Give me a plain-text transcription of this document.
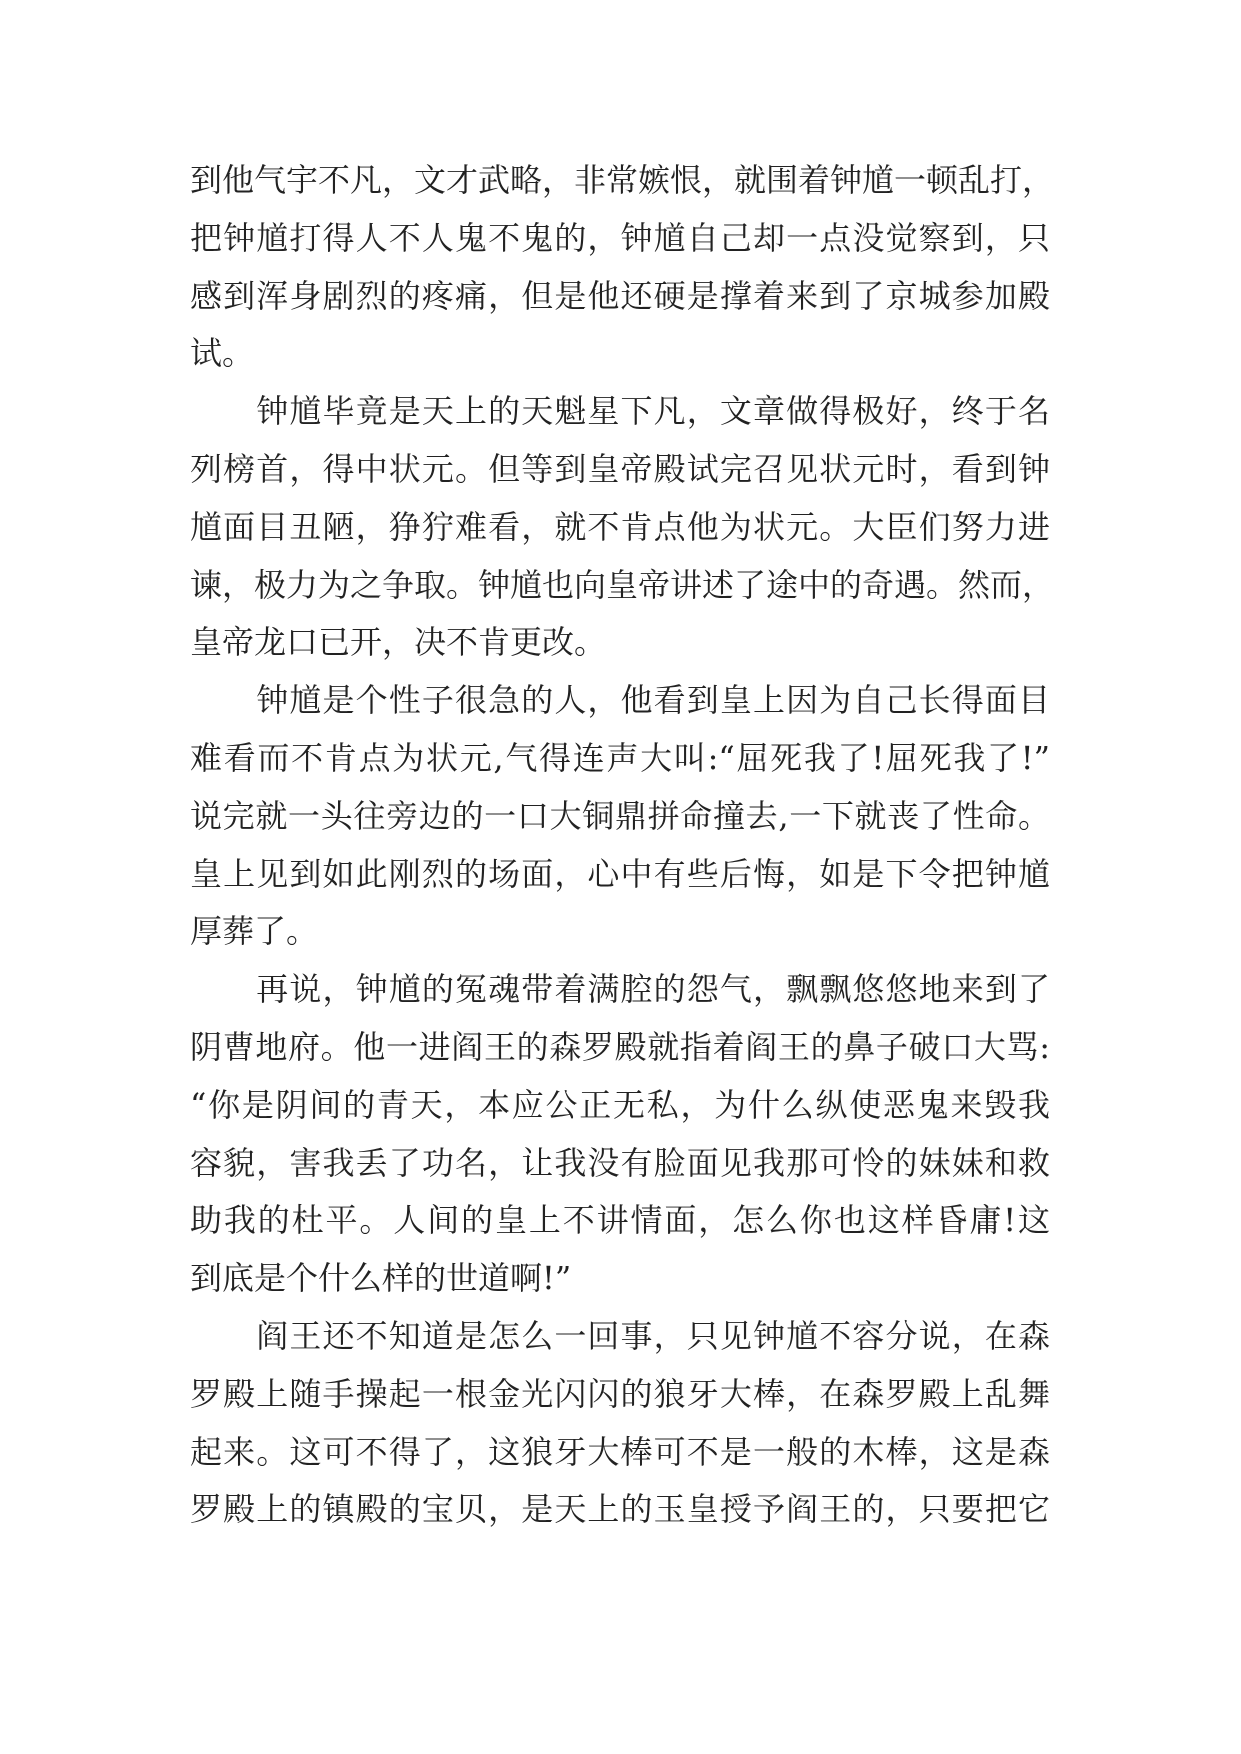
到他气宇不凡，文才武略，非常嫉恨，就围着钟馗一顿乱打，
把钟馗打得人不人鬼不鬼的，钟馗自己却一点没觉察到，只
感到浑身剧烈的疼痛，但是他还硬是撑着来到了京城参加殿
试。
　　钟馗毕竟是天上的天魁星下凡，文章做得极好，终于名
列榜首，得中状元。但等到皇帝殿试完召见状元时，看到钟
馗面目丑陋，狰狞难看，就不肯点他为状元。大臣们努力进
谏，极力为之争取。钟馗也向皇帝讲述了途中的奇遇。然而，
皇帝龙口已开，决不肯更改。
　　钟馗是个性子很急的人，他看到皇上因为自己长得面目
难看而不肯点为状元,气得连声大叫:“屈死我了!屈死我了!”
说完就一头往旁边的一口大铜鼎拼命撞去,一下就丧了性命。
皇上见到如此刚烈的场面，心中有些后悔，如是下令把钟馗
厚葬了。
　　再说，钟馗的冤魂带着满腔的怨气，飘飘悠悠地来到了
阴曹地府。他一进阎王的森罗殿就指着阎王的鼻子破口大骂:
“你是阴间的青天，本应公正无私，为什么纵使恶鬼来毁我
容貌，害我丢了功名，让我没有脸面见我那可怜的妹妹和救
助我的杜平。人间的皇上不讲情面，怎么你也这样昏庸!这
到底是个什么样的世道啊!”
　　阎王还不知道是怎么一回事，只见钟馗不容分说，在森
罗殿上随手操起一根金光闪闪的狼牙大棒，在森罗殿上乱舞
起来。这可不得了，这狼牙大棒可不是一般的木棒，这是森
罗殿上的镇殿的宝贝，是天上的玉皇授予阎王的，只要把它
